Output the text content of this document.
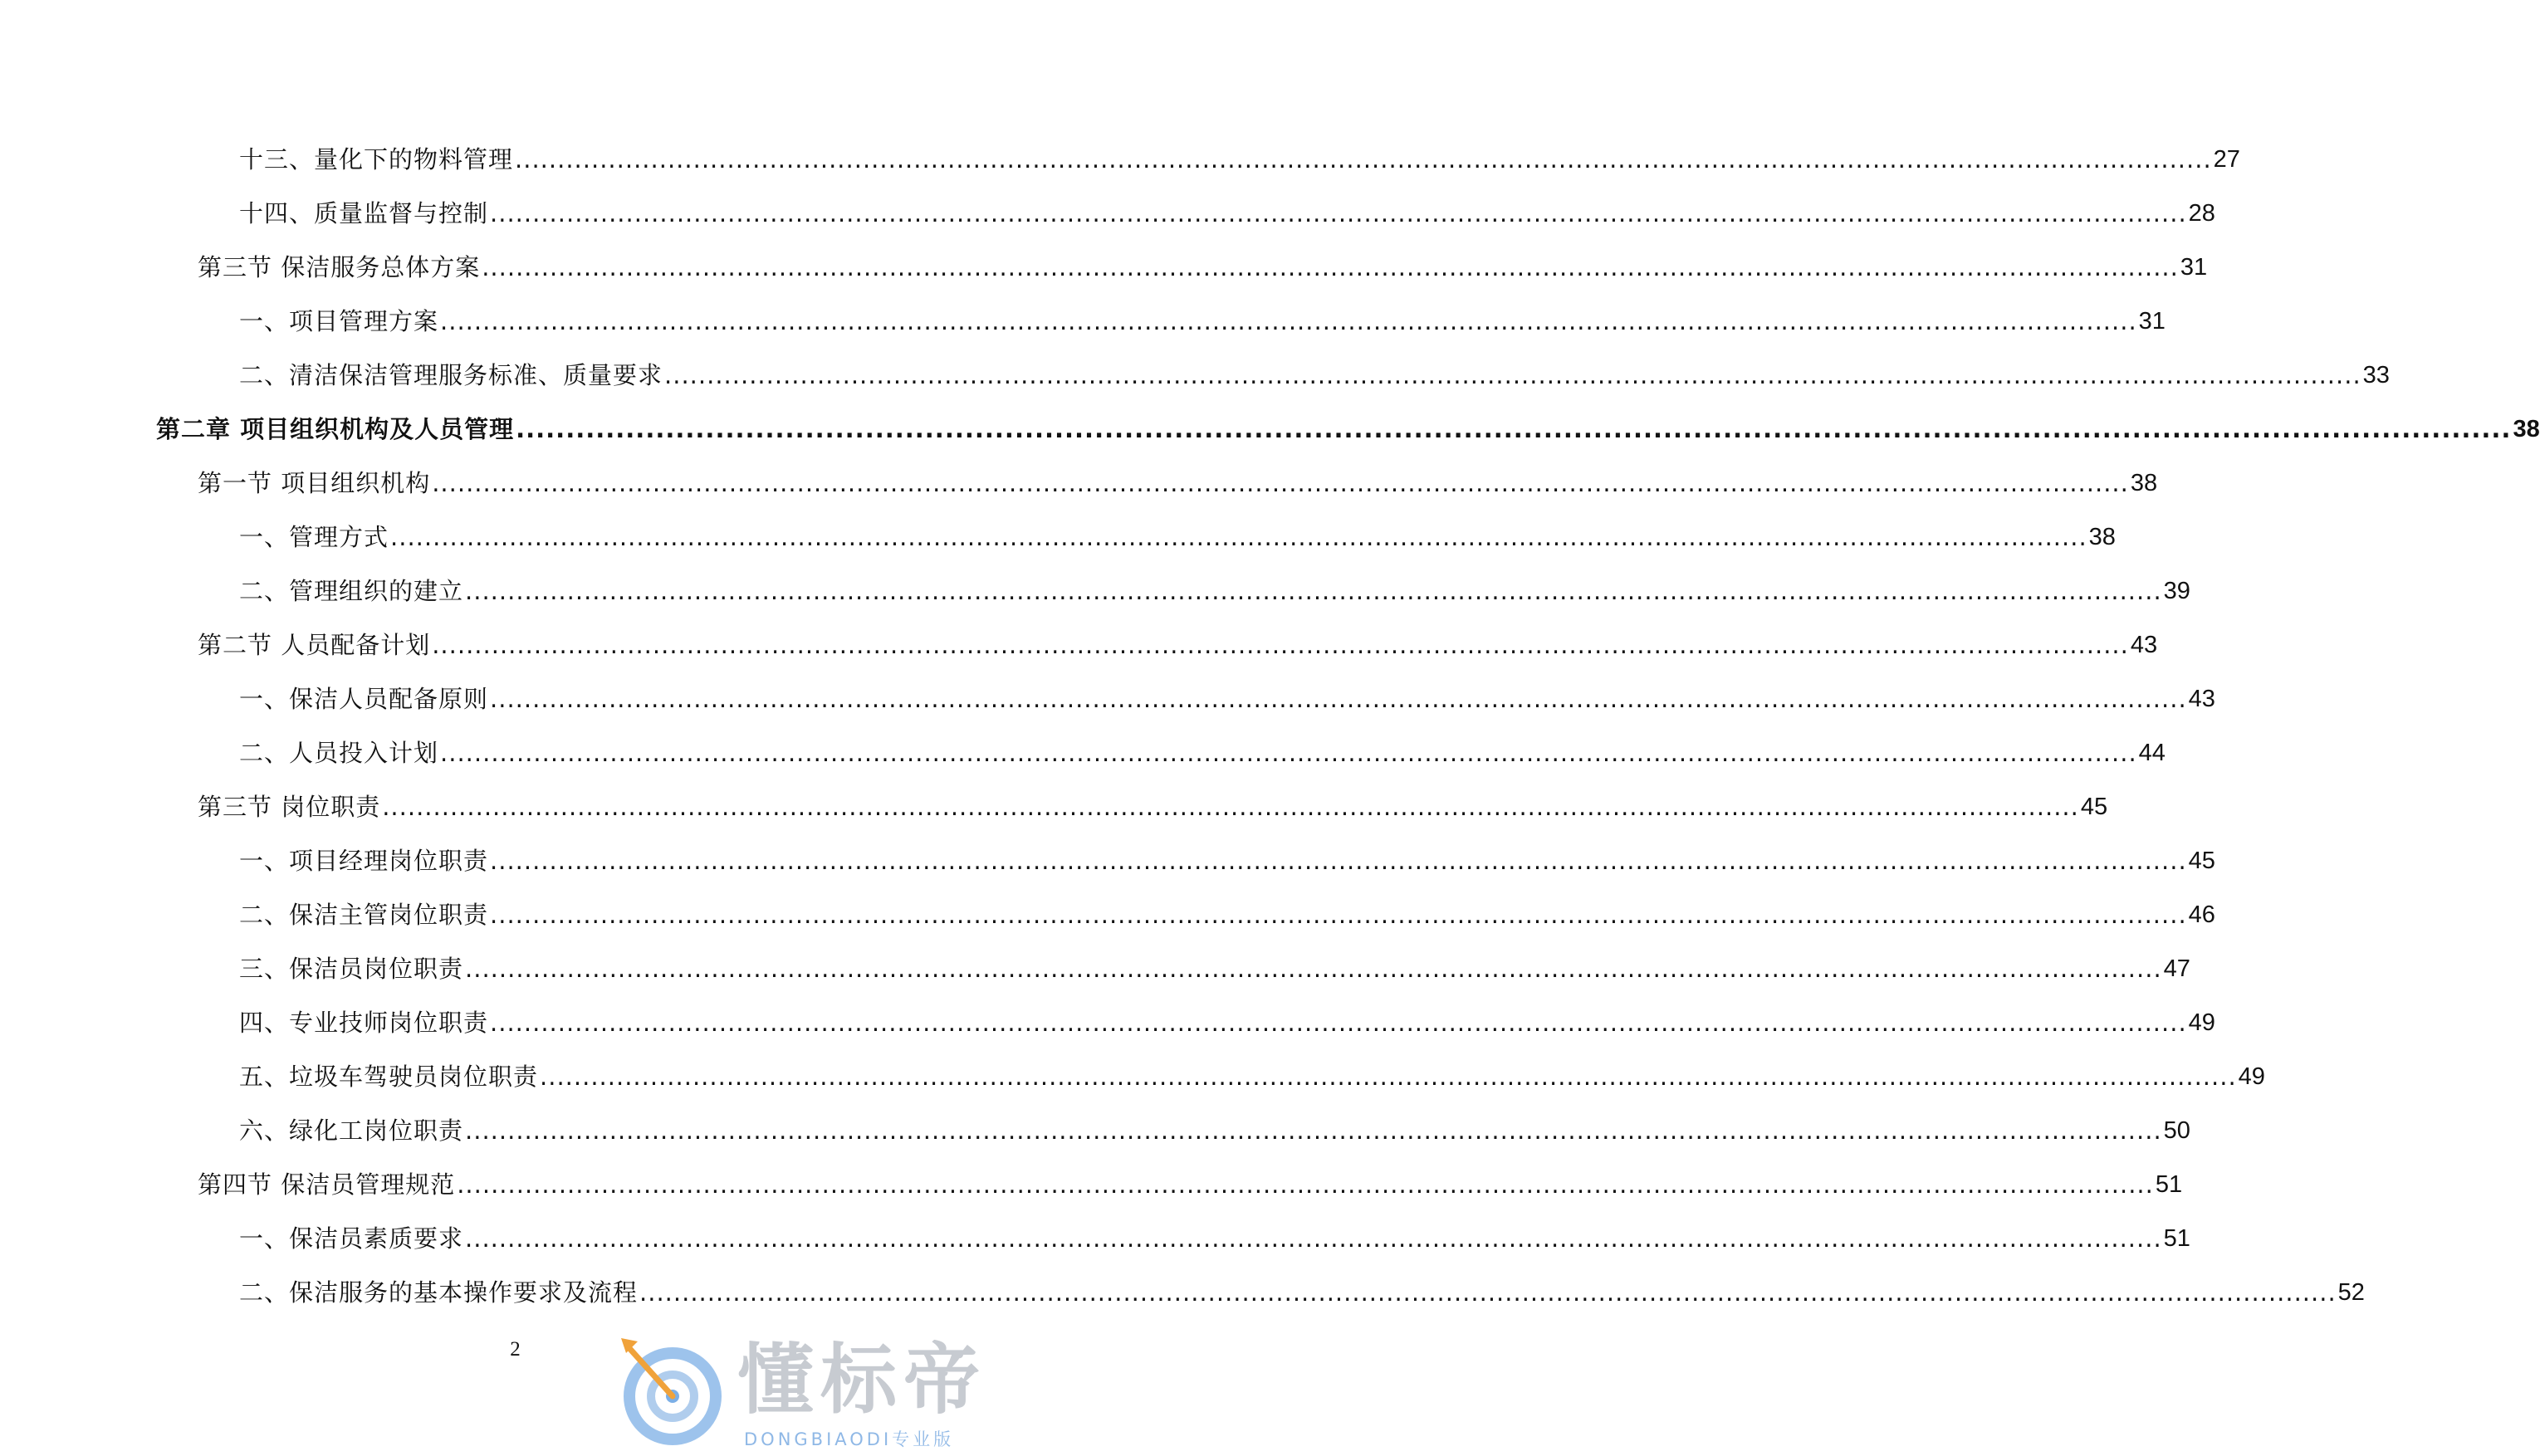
十三、量化下的物料管理 ........................................................................................................................................................................................................ 27
十四、质量监督与控制 ........................................................................................................................................................................................................ 28
第三节 保洁服务总体方案 ........................................................................................................................................................................................................ 31
一、项目管理方案 ........................................................................................................................................................................................................ 31
二、清洁保洁管理服务标准、质量要求 ........................................................................................................................................................................................................ 33
第二章 项目组织机构及人员管理 ........................................................................................................................................................................................................ 38
第一节 项目组织机构 ........................................................................................................................................................................................................ 38
一、管理方式 ........................................................................................................................................................................................................ 38
二、管理组织的建立 ........................................................................................................................................................................................................ 39
第二节 人员配备计划 ........................................................................................................................................................................................................ 43
一、保洁人员配备原则 ........................................................................................................................................................................................................ 43
二、人员投入计划 ........................................................................................................................................................................................................ 44
第三节 岗位职责 ........................................................................................................................................................................................................ 45
一、项目经理岗位职责 ........................................................................................................................................................................................................ 45
二、保洁主管岗位职责 ........................................................................................................................................................................................................ 46
三、保洁员岗位职责 ........................................................................................................................................................................................................ 47
四、专业技师岗位职责 ........................................................................................................................................................................................................ 49
五、垃圾车驾驶员岗位职责 ........................................................................................................................................................................................................ 49
六、绿化工岗位职责 ........................................................................................................................................................................................................ 50
第四节 保洁员管理规范 ........................................................................................................................................................................................................ 51
一、保洁员素质要求 ........................................................................................................................................................................................................ 51
二、保洁服务的基本操作要求及流程 ........................................................................................................................................................................................................ 52
2	懂标帝
DONGBIAODI专业版
